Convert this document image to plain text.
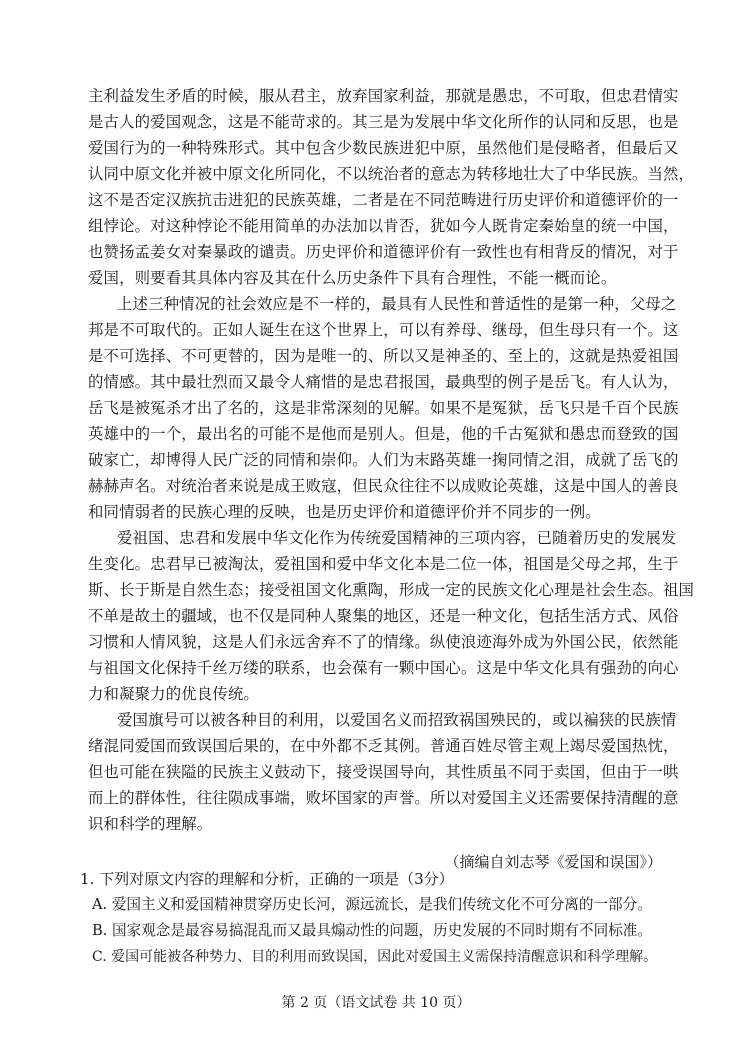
主利益发生矛盾的时候，服从君主，放弃国家利益，那就是愚忠，不可取，但忠君情实
是古人的爱国观念，这是不能苛求的。其三是为发展中华文化所作的认同和反思，也是
爱国行为的一种特殊形式。其中包含少数民族进犯中原，虽然他们是侵略者，但最后又
认同中原文化并被中原文化所同化，不以统治者的意志为转移地壮大了中华民族。当然，
这不是否定汉族抗击进犯的民族英雄，二者是在不同范畴进行历史评价和道德评价的一
组悖论。对这种悖论不能用简单的办法加以肯否，犹如今人既肯定秦始皇的统一中国，
也赞扬孟姜女对秦暴政的谴责。历史评价和道德评价有一致性也有相背反的情况，对于
爱国，则要看其具体内容及其在什么历史条件下具有合理性，不能一概而论。
上述三种情况的社会效应是不一样的，最具有人民性和普适性的是第一种，父母之
邦是不可取代的。正如人诞生在这个世界上，可以有养母、继母，但生母只有一个。这
是不可选择、不可更替的，因为是唯一的、所以又是神圣的、至上的，这就是热爱祖国
的情感。其中最壮烈而又最令人痛惜的是忠君报国，最典型的例子是岳飞。有人认为，
岳飞是被冤杀才出了名的，这是非常深刻的见解。如果不是冤狱，岳飞只是千百个民族
英雄中的一个，最出名的可能不是他而是别人。但是，他的千古冤狱和愚忠而登致的国
破家亡，却博得人民广泛的同情和崇仰。人们为末路英雄一掬同情之泪，成就了岳飞的
赫赫声名。对统治者来说是成王败寇，但民众往往不以成败论英雄，这是中国人的善良
和同情弱者的民族心理的反映，也是历史评价和道德评价并不同步的一例。
爱祖国、忠君和发展中华文化作为传统爱国精神的三项内容，已随着历史的发展发
生变化。忠君早已被淘汰，爱祖国和爱中华文化本是二位一体，祖国是父母之邦，生于
斯、长于斯是自然生态；接受祖国文化熏陶，形成一定的民族文化心理是社会生态。祖国
不单是故土的疆域，也不仅是同种人聚集的地区，还是一种文化，包括生活方式、风俗
习惯和人情风貌，这是人们永远舍弃不了的情缘。纵使浪迹海外成为外国公民，依然能
与祖国文化保持千丝万缕的联系，也会葆有一颗中国心。这是中华文化具有强劲的向心
力和凝聚力的优良传统。
爱国旗号可以被各种目的利用，以爱国名义而招致祸国殃民的，或以褊狭的民族情
绪混同爱国而致误国后果的，在中外都不乏其例。普通百姓尽管主观上竭尽爱国热忱，
但也可能在狭隘的民族主义鼓动下，接受误国导向，其性质虽不同于卖国，但由于一哄
而上的群体性，往往陨成事端，败坏国家的声誉。所以对爱国主义还需要保持清醒的意
识和科学的理解。
（摘编自刘志琴《爱国和误国》）
1. 下列对原文内容的理解和分析，正确的一项是（3分）
A. 爱国主义和爱国精神贯穿历史长河，源远流长，是我们传统文化不可分离的一部分。
B. 国家观念是最容易搞混乱而又最具煽动性的问题，历史发展的不同时期有不同标准。
C. 爱国可能被各种势力、目的利用而致误国，因此对爱国主义需保持清醒意识和科学理解。
第 2 页（语文试卷 共 10 页）
